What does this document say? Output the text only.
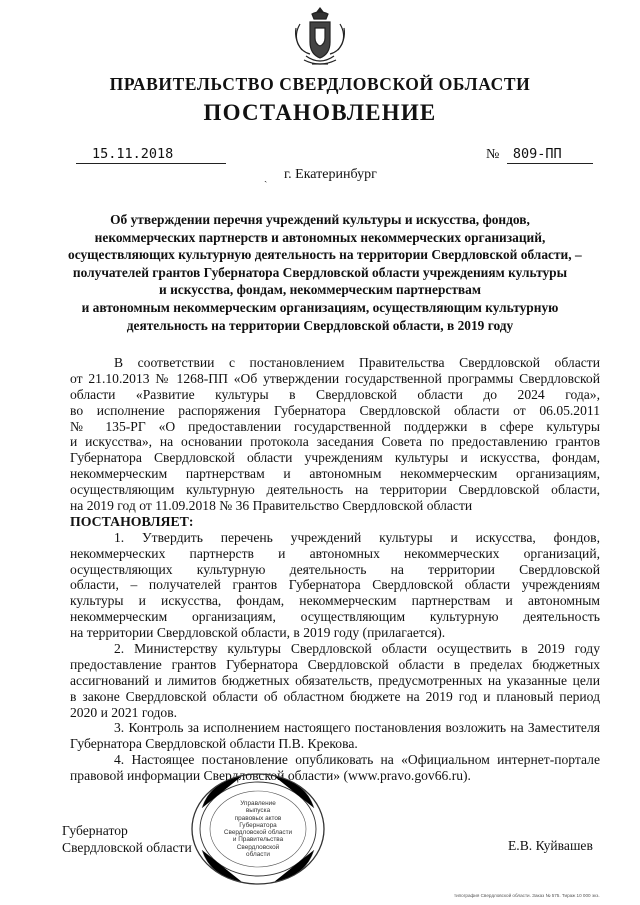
ПРАВИТЕЛЬСТВО СВЕРДЛОВСКОЙ ОБЛАСТИ
ПОСТАНОВЛЕНИЕ
15.11.2018	№ 809-ПП
ˏ г. Екатеринбург
Об утверждении перечня учреждений культуры и искусства, фондов,
некоммерческих партнерств и автономных некоммерческих организаций,
осуществляющих культурную деятельность на территории Свердловской области, –
получателей грантов Губернатора Свердловской области учреждениям культуры
и искусства, фондам, некоммерческим партнерствам
и автономным некоммерческим организациям, осуществляющим культурную
деятельность на территории Свердловской области, в 2019 году
В соответствии с постановлением Правительства Свердловской области
от 21.10.2013 № 1268-ПП «Об утверждении государственной программы Свердловской
области «Развитие культуры в Свердловской области до 2024 года»,
во исполнение распоряжения Губернатора Свердловской области от 06.05.2011
№ 135-РГ «О предоставлении государственной поддержки в сфере культуры
и искусства», на основании протокола заседания Совета по предоставлению грантов
Губернатора Свердловской области учреждениям культуры и искусства, фондам,
некоммерческим партнерствам и автономным некоммерческим организациям,
осуществляющим культурную деятельность на территории Свердловской области,
на 2019 год от 11.09.2018 № 36 Правительство Свердловской области
ПОСТАНОВЛЯЕТ:
1. Утвердить перечень учреждений культуры и искусства, фондов,
некоммерческих партнерств и автономных некоммерческих организаций,
осуществляющих культурную деятельность на территории Свердловской
области, – получателей грантов Губернатора Свердловской области учреждениям
культуры и искусства, фондам, некоммерческим партнерствам и автономным
некоммерческим организациям, осуществляющим культурную деятельность
на территории Свердловской области, в 2019 году (прилагается).
2. Министерству культуры Свердловской области осуществить в 2019 году
предоставление грантов Губернатора Свердловской области в пределах бюджетных
ассигнований и лимитов бюджетных обязательств, предусмотренных на указанные цели
в законе Свердловской области об областном бюджете на 2019 год и плановый период
2020 и 2021 годов.
3. Контроль за исполнением настоящего постановления возложить на Заместителя
Губернатора Свердловской области П.В. Крекова.
4. Настоящее постановление опубликовать на «Официальном интернет-портале
правовой информации Свердловской области» (www.pravo.gov66.ru).
Управление
выпуска
правовых актов
Губернатора
Свердловской области
и Правительства
Свердловской
области
Губернатор
Свердловской области	Е.В. Куйвашев
типография Свердловской области. Заказ № 575. Тираж 10 000 экз.
